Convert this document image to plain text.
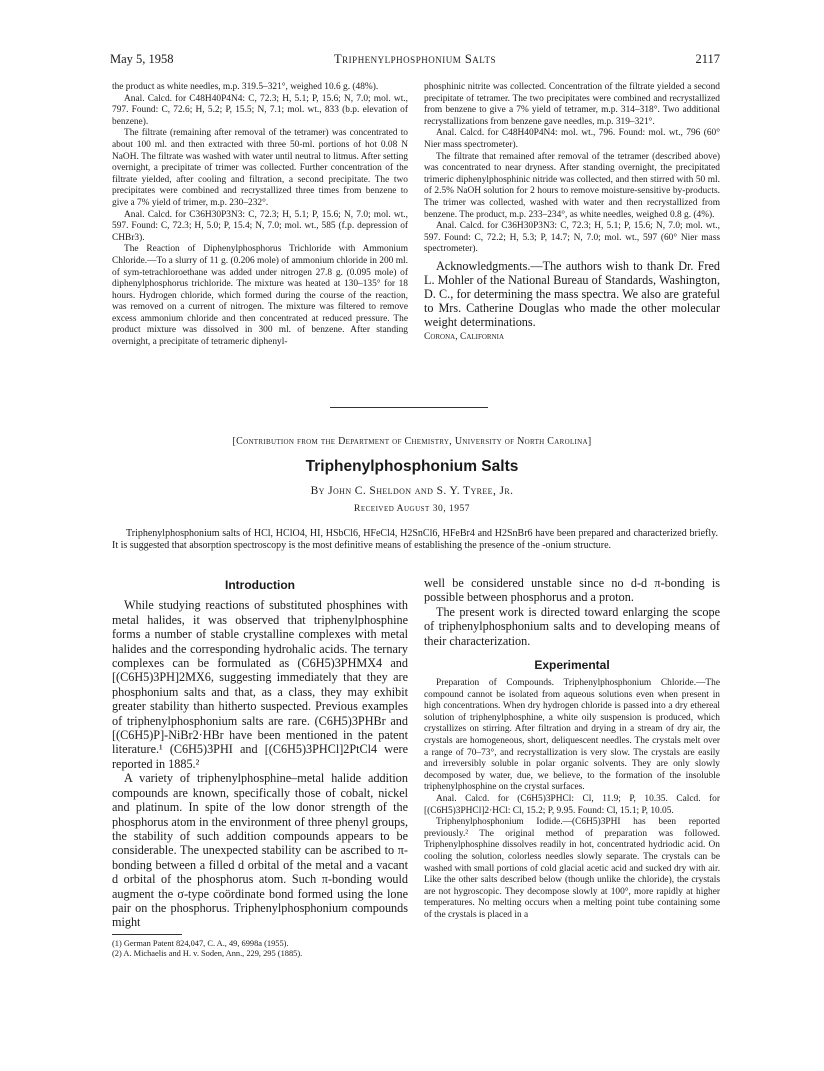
May 5, 1958	Triphenylphosphonium Salts	2117

the product as white needles, m.p. 319.5–321°, weighed 10.6 g. (48%).

Anal. Calcd. for C48H40P4N4: C, 72.3; H, 5.1; P, 15.6; N, 7.0; mol. wt., 797. Found: C, 72.6; H, 5.2; P, 15.5; N, 7.1; mol. wt., 833 (b.p. elevation of benzene).

The filtrate (remaining after removal of the tetramer) was concentrated to about 100 ml. and then extracted with three 50-ml. portions of hot 0.08 N NaOH. The filtrate was washed with water until neutral to litmus. After setting overnight, a precipitate of trimer was collected. Further concentration of the filtrate yielded, after cooling and filtration, a second precipitate. The two precipitates were combined and recrystallized three times from benzene to give a 7% yield of trimer, m.p. 230–232°.

Anal. Calcd. for C36H30P3N3: C, 72.3; H, 5.1; P, 15.6; N, 7.0; mol. wt., 597. Found: C, 72.3; H, 5.0; P, 15.4; N, 7.0; mol. wt., 585 (f.p. depression of CHBr3).

The Reaction of Diphenylphosphorus Trichloride with Ammonium Chloride.—To a slurry of 11 g. (0.206 mole) of ammonium chloride in 200 ml. of sym-tetrachloroethane was added under nitrogen 27.8 g. (0.095 mole) of diphenylphosphorus trichloride. The mixture was heated at 130–135° for 18 hours. Hydrogen chloride, which formed during the course of the reaction, was removed on a current of nitrogen. The mixture was filtered to remove excess ammonium chloride and then concentrated at reduced pressure. The product mixture was dissolved in 300 ml. of benzene. After standing overnight, a precipitate of tetrameric diphenyl-

phosphinic nitrite was collected. Concentration of the filtrate yielded a second precipitate of tetramer. The two precipitates were combined and recrystallized from benzene to give a 7% yield of tetramer, m.p. 314–318°. Two additional recrystallizations from benzene gave needles, m.p. 319–321°.

Anal. Calcd. for C48H40P4N4: mol. wt., 796. Found: mol. wt., 796 (60° Nier mass spectrometer).

The filtrate that remained after removal of the tetramer (described above) was concentrated to near dryness. After standing overnight, the precipitated trimeric diphenylphosphinic nitride was collected, and then stirred with 50 ml. of 2.5% NaOH solution for 2 hours to remove moisture-sensitive by-products. The trimer was collected, washed with water and then recrystallized from benzene. The product, m.p. 233–234°, as white needles, weighed 0.8 g. (4%).

Anal. Calcd. for C36H30P3N3: C, 72.3; H, 5.1; P, 15.6; N, 7.0; mol. wt., 597. Found: C, 72.2; H, 5.3; P, 14.7; N, 7.0; mol. wt., 597 (60° Nier mass spectrometer).

Acknowledgments.—The authors wish to thank Dr. Fred L. Mohler of the National Bureau of Standards, Washington, D. C., for determining the mass spectra. We also are grateful to Mrs. Catherine Douglas who made the other molecular weight determinations.

Corona, California

[Contribution from the Department of Chemistry, University of North Carolina]
Triphenylphosphonium Salts
By John C. Sheldon and S. Y. Tyree, Jr.
Received August 30, 1957
Triphenylphosphonium salts of HCl, HClO4, HI, HSbCl6, HFeCl4, H2SnCl6, HFeBr4 and H2SnBr6 have been prepared and characterized briefly. It is suggested that absorption spectroscopy is the most definitive means of establishing the presence of the -onium structure.

Introduction

While studying reactions of substituted phosphines with metal halides, it was observed that triphenylphosphine forms a number of stable crystalline complexes with metal halides and the corresponding hydrohalic acids. The ternary complexes can be formulated as (C6H5)3PHMX4 and [(C6H5)3PH]2MX6, suggesting immediately that they are phosphonium salts and that, as a class, they may exhibit greater stability than hitherto suspected. Previous examples of triphenylphosphonium salts are rare. (C6H5)3PHBr and [(C6H5)P]-NiBr2·HBr have been mentioned in the patent literature.¹ (C6H5)3PHI and [(C6H5)3PHCl]2PtCl4 were reported in 1885.²

A variety of triphenylphosphine–metal halide addition compounds are known, specifically those of cobalt, nickel and platinum. In spite of the low donor strength of the phosphorus atom in the environment of three phenyl groups, the stability of such addition compounds appears to be considerable. The unexpected stability can be ascribed to π-bonding between a filled d orbital of the metal and a vacant d orbital of the phosphorus atom. Such π-bonding would augment the σ-type coördinate bond formed using the lone pair on the phosphorus. Triphenylphosphonium compounds might

(1) German Patent 824,047, C. A., 49, 6998a (1955).

(2) A. Michaelis and H. v. Soden, Ann., 229, 295 (1885).

well be considered unstable since no d-d π-bonding is possible between phosphorus and a proton.

The present work is directed toward enlarging the scope of triphenylphosphonium salts and to developing means of their characterization.

Experimental

Preparation of Compounds. Triphenylphosphonium Chloride.—The compound cannot be isolated from aqueous solutions even when present in high concentrations. When dry hydrogen chloride is passed into a dry ethereal solution of triphenylphosphine, a white oily suspension is produced, which crystallizes on stirring. After filtration and drying in a stream of dry air, the crystals are homogeneous, short, deliquescent needles. The crystals melt over a range of 70–73°, and recrystallization is very slow. The crystals are easily and irreversibly soluble in polar organic solvents. They are only slowly decomposed by water, due, we believe, to the formation of the insoluble triphenylphosphine on the crystal surfaces.

Anal. Calcd. for (C6H5)3PHCl: Cl, 11.9; P, 10.35. Calcd. for [(C6H5)3PHCl]2·HCl: Cl, 15.2; P, 9.95. Found: Cl, 15.1; P, 10.05.

Triphenylphosphonium Iodide.—(C6H5)3PHI has been reported previously.² The original method of preparation was followed. Triphenylphosphine dissolves readily in hot, concentrated hydriodic acid. On cooling the solution, colorless needles slowly separate. The crystals can be washed with small portions of cold glacial acetic acid and sucked dry with air. Like the other salts described below (though unlike the chloride), the crystals are not hygroscopic. They decompose slowly at 100°, more rapidly at higher temperatures. No melting occurs when a melting point tube containing some of the crystals is placed in a
